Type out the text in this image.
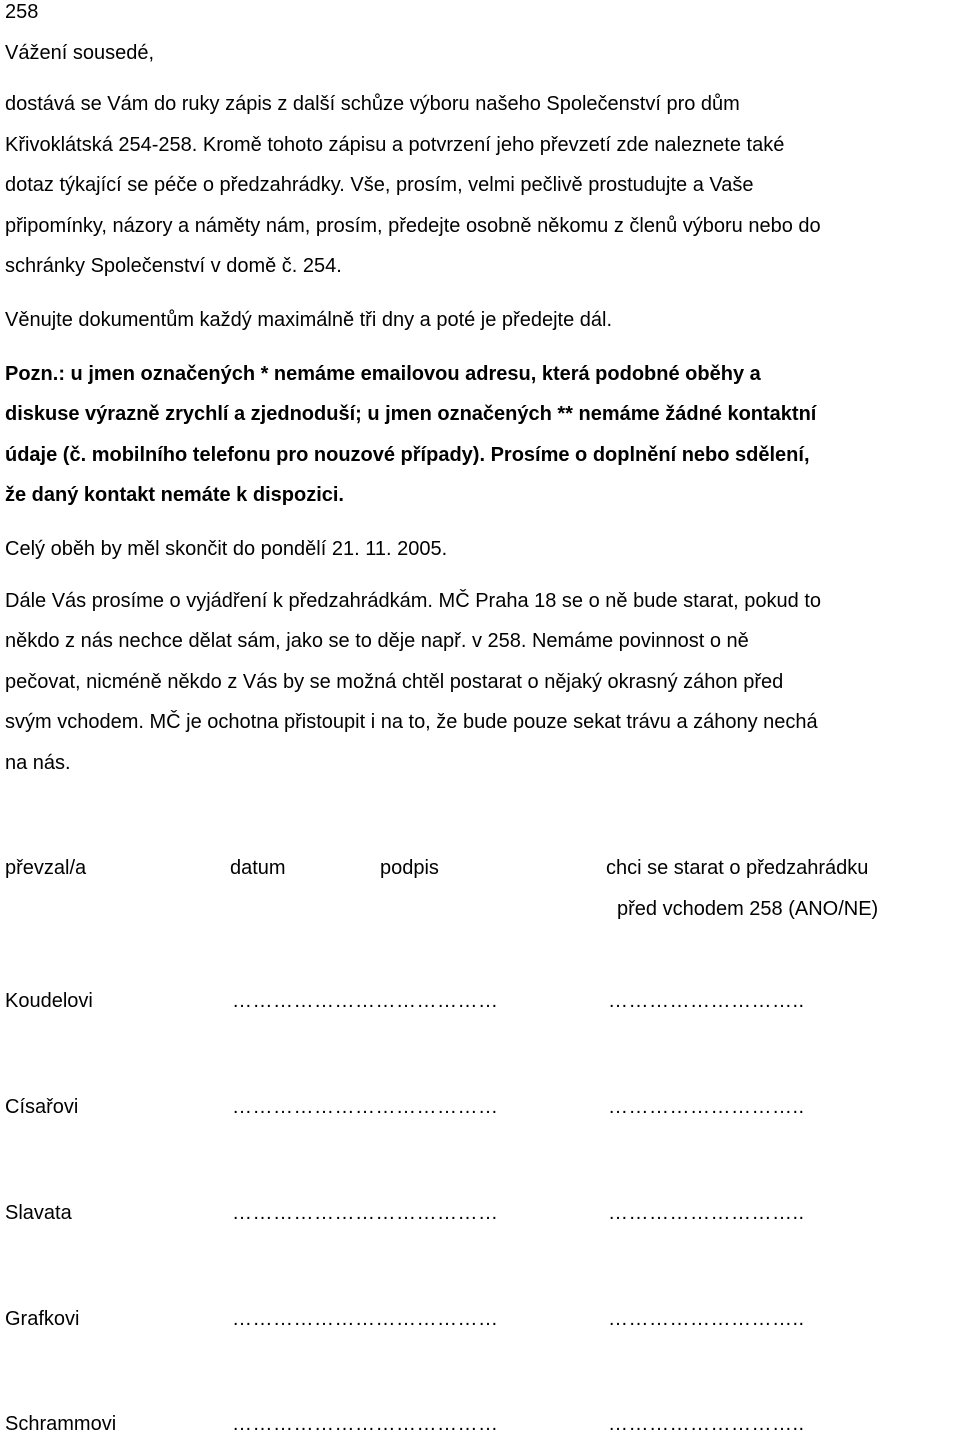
258
Vážení sousedé,
dostává se Vám do ruky zápis z další schůze výboru našeho Společenství pro dům
Křivoklátská 254-258. Kromě tohoto zápisu a potvrzení jeho převzetí zde naleznete také
dotaz týkající se péče o předzahrádky. Vše, prosím, velmi pečlivě prostudujte a Vaše
připomínky, názory a náměty nám, prosím, předejte osobně někomu z členů výboru nebo do
schránky Společenství v domě č. 254.
Věnujte dokumentům každý maximálně tři dny a poté je předejte dál.
Pozn.: u jmen označených * nemáme emailovou adresu, která podobné oběhy a
diskuse výrazně zrychlí a zjednoduší; u jmen označených ** nemáme žádné kontaktní
údaje (č. mobilního telefonu pro nouzové případy). Prosíme o doplnění nebo sdělení,
že daný kontakt nemáte k dispozici.
Celý oběh by měl skončit do pondělí 21. 11. 2005.
Dále Vás prosíme o vyjádření k předzahrádkám. MČ Praha 18 se o ně bude starat, pokud to
někdo z nás nechce dělat sám, jako se to děje např. v 258. Nemáme povinnost o ně
pečovat, nicméně někdo z Vás by se možná chtěl postarat o nějaký okrasný záhon před
svým vchodem. MČ je ochotna přistoupit i na to, že bude pouze sekat trávu a záhony nechá
na nás.
převzal/a	datum	podpis	chci se starat o předzahrádku
před vchodem 258 (ANO/NE)
Koudelovi	…………………………………	………………………..
Císařovi	…………………………………	………………………..
Slavata	…………………………………	………………………..
Grafkovi	…………………………………	………………………..
Schrammovi	…………………………………	………………………..
